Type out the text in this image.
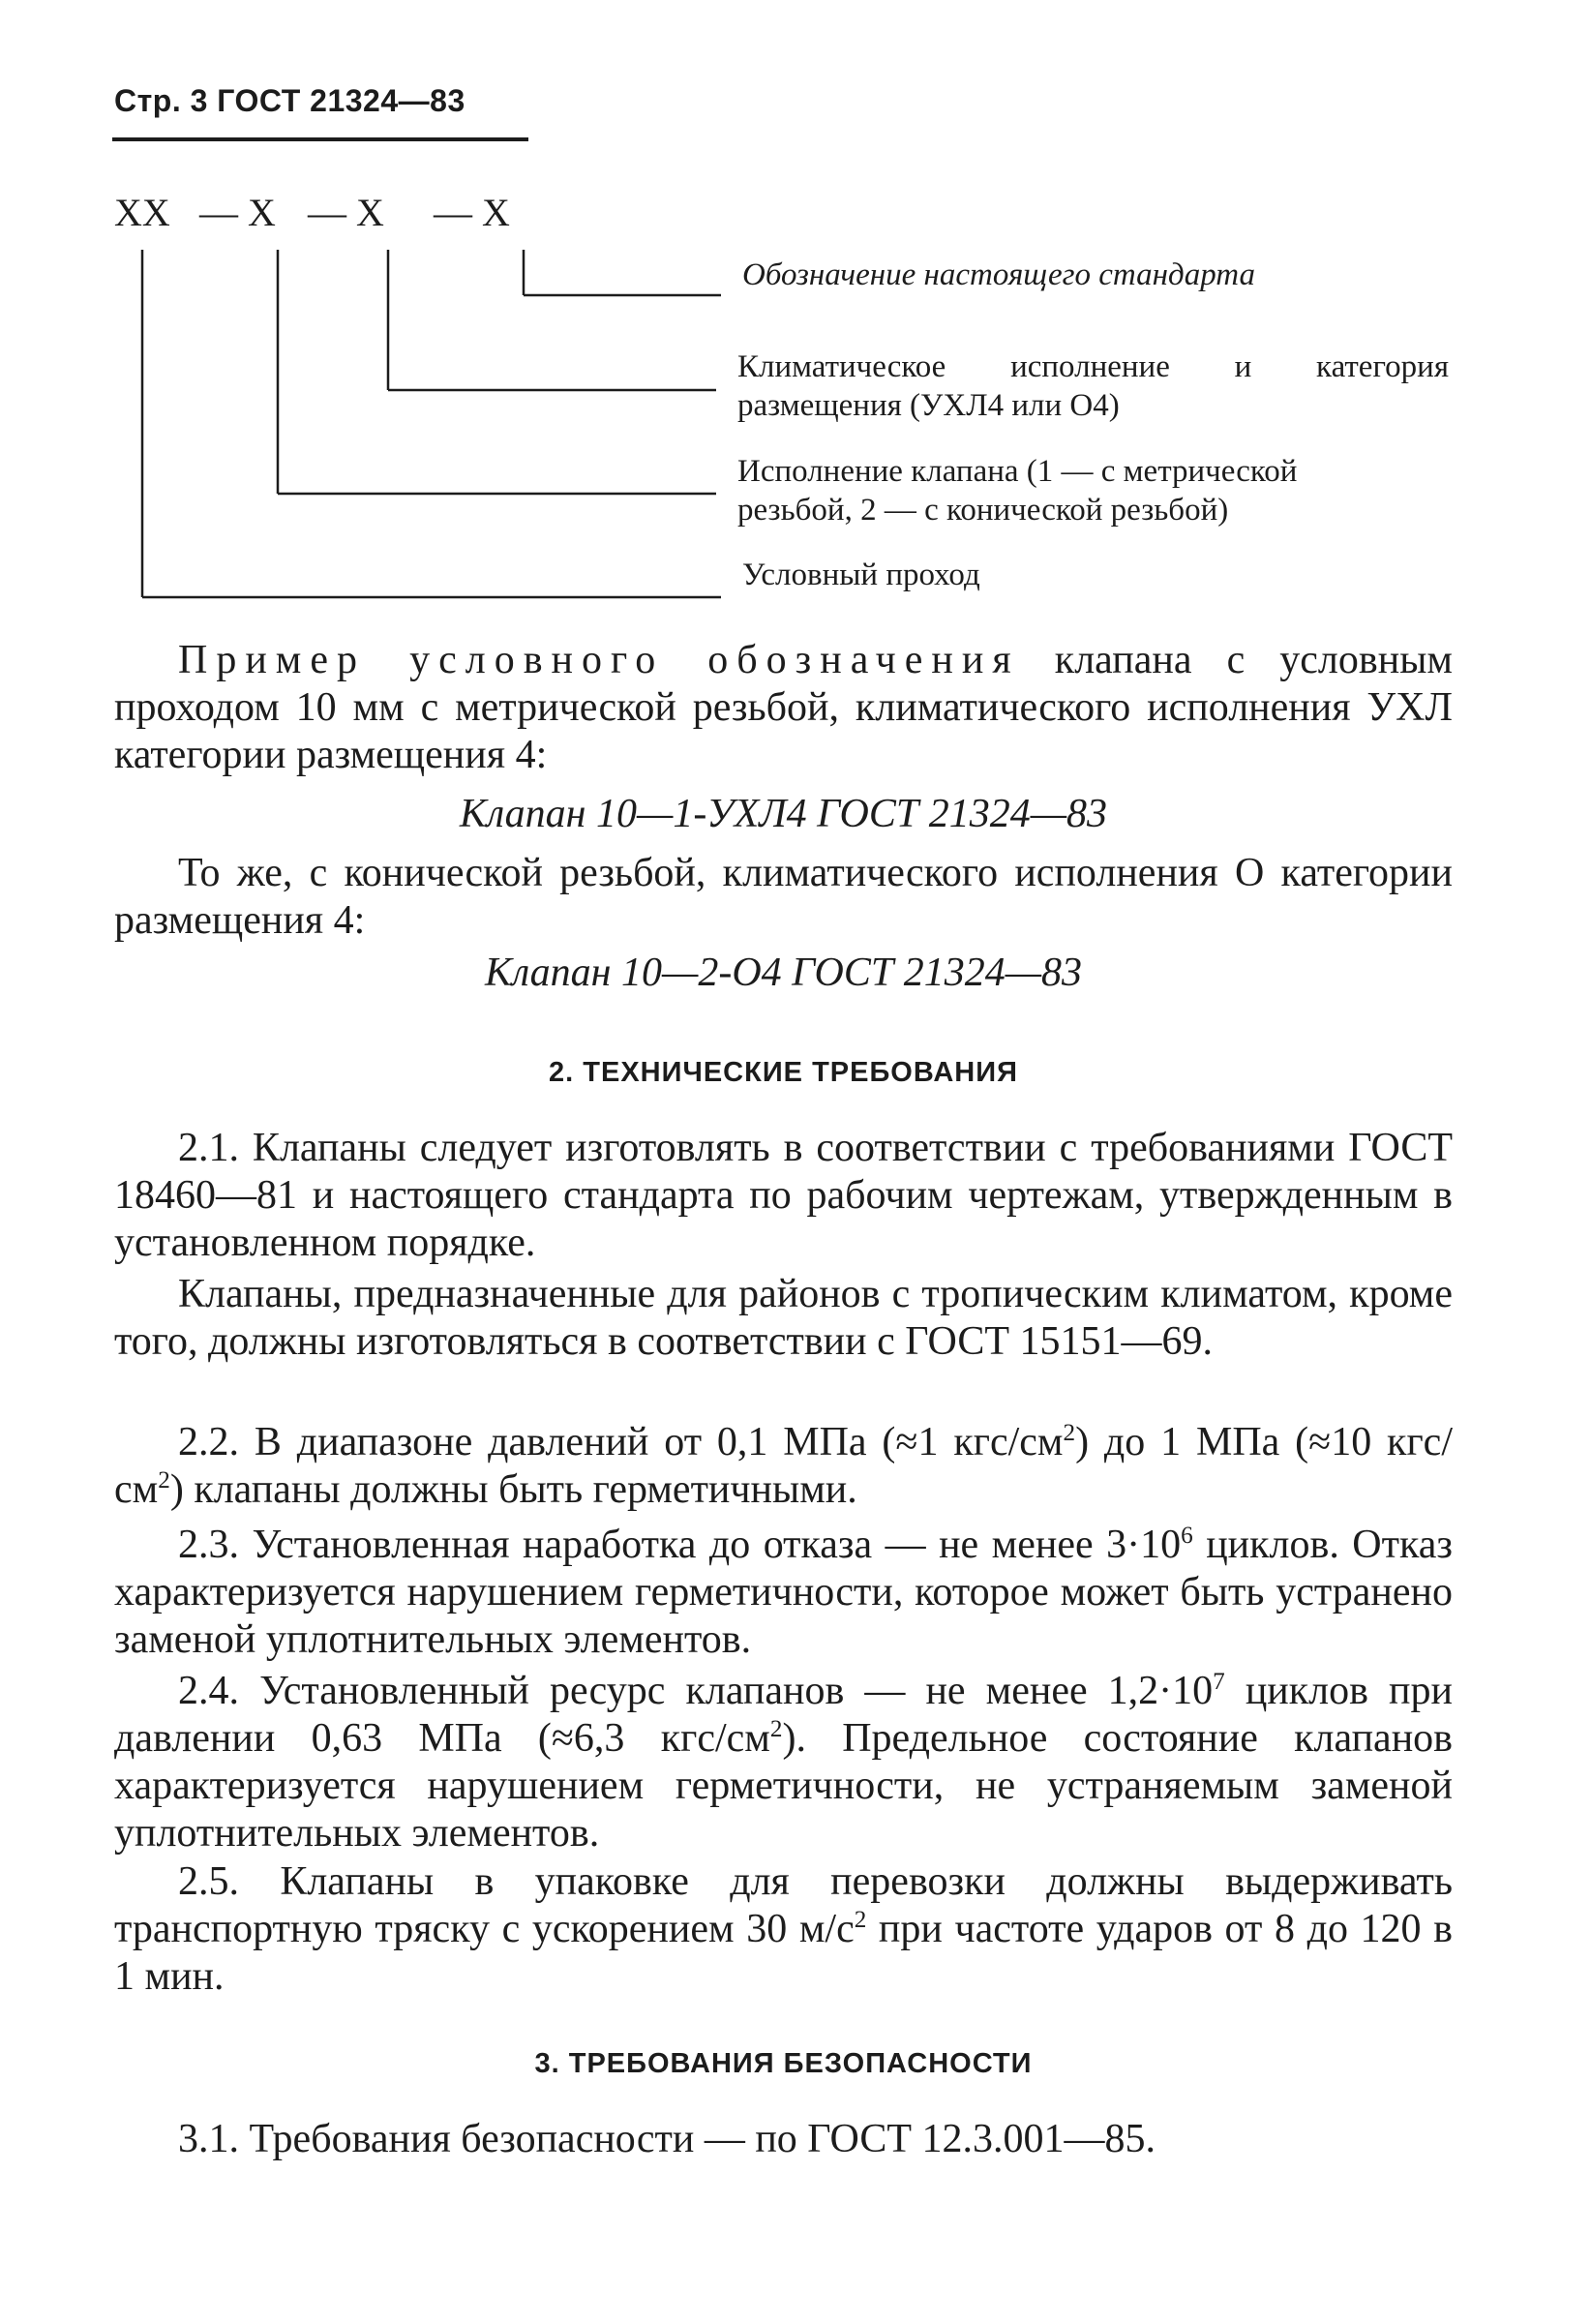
Стр. 3 ГОСТ 21324—83
ХХ — Х — Х — Х
Обозначение настоящего стандарта
Климатическое исполнение и категория
размещения (УХЛ4 или О4)
Исполнение клапана (1 — с метрической
резьбой, 2 — с конической резьбой)
Условный проход
Пример условного обозначения клапана с условным проходом 10 мм с метрической резьбой, климатического исполнения УХЛ категории размещения 4:
Клапан 10—1-УХЛ4 ГОСТ 21324—83
То же, с конической резьбой, климатического исполнения О категории размещения 4:
Клапан 10—2-О4 ГОСТ 21324—83
2. ТЕХНИЧЕСКИЕ ТРЕБОВАНИЯ
2.1. Клапаны следует изготовлять в соответствии с требованиями ГОСТ 18460—81 и настоящего стандарта по рабочим чертежам, утвержденным в установленном порядке.
Клапаны, предназначенные для районов с тропическим климатом, кроме того, должны изготовляться в соответствии с ГОСТ 15151—69.
2.2. В диапазоне давлений от 0,1 МПа (≈1 кгс/$см^2$) до 1 МПа (≈10 кгс/$см^2$) клапаны должны быть герметичными.
2.3. Установленная наработка до отказа — не менее $3\cdot 10^6$ циклов. Отказ характеризуется нарушением герметичности, которое может быть устранено заменой уплотнительных элементов.
2.4. Установленный ресурс клапанов — не менее $1,2\cdot 10^7$ циклов при давлении 0,63 МПа (≈6,3 кгс/$см^2$). Предельное состояние клапанов характеризуется нарушением герметичности, не устраняемым заменой уплотнительных элементов.
2.5. Клапаны в упаковке для перевозки должны выдерживать транспортную тряску с ускорением 30 $м/с^2$ при частоте ударов от 8 до 120 в 1 мин.
3. ТРЕБОВАНИЯ БЕЗОПАСНОСТИ
3.1. Требования безопасности — по ГОСТ 12.3.001—85.
